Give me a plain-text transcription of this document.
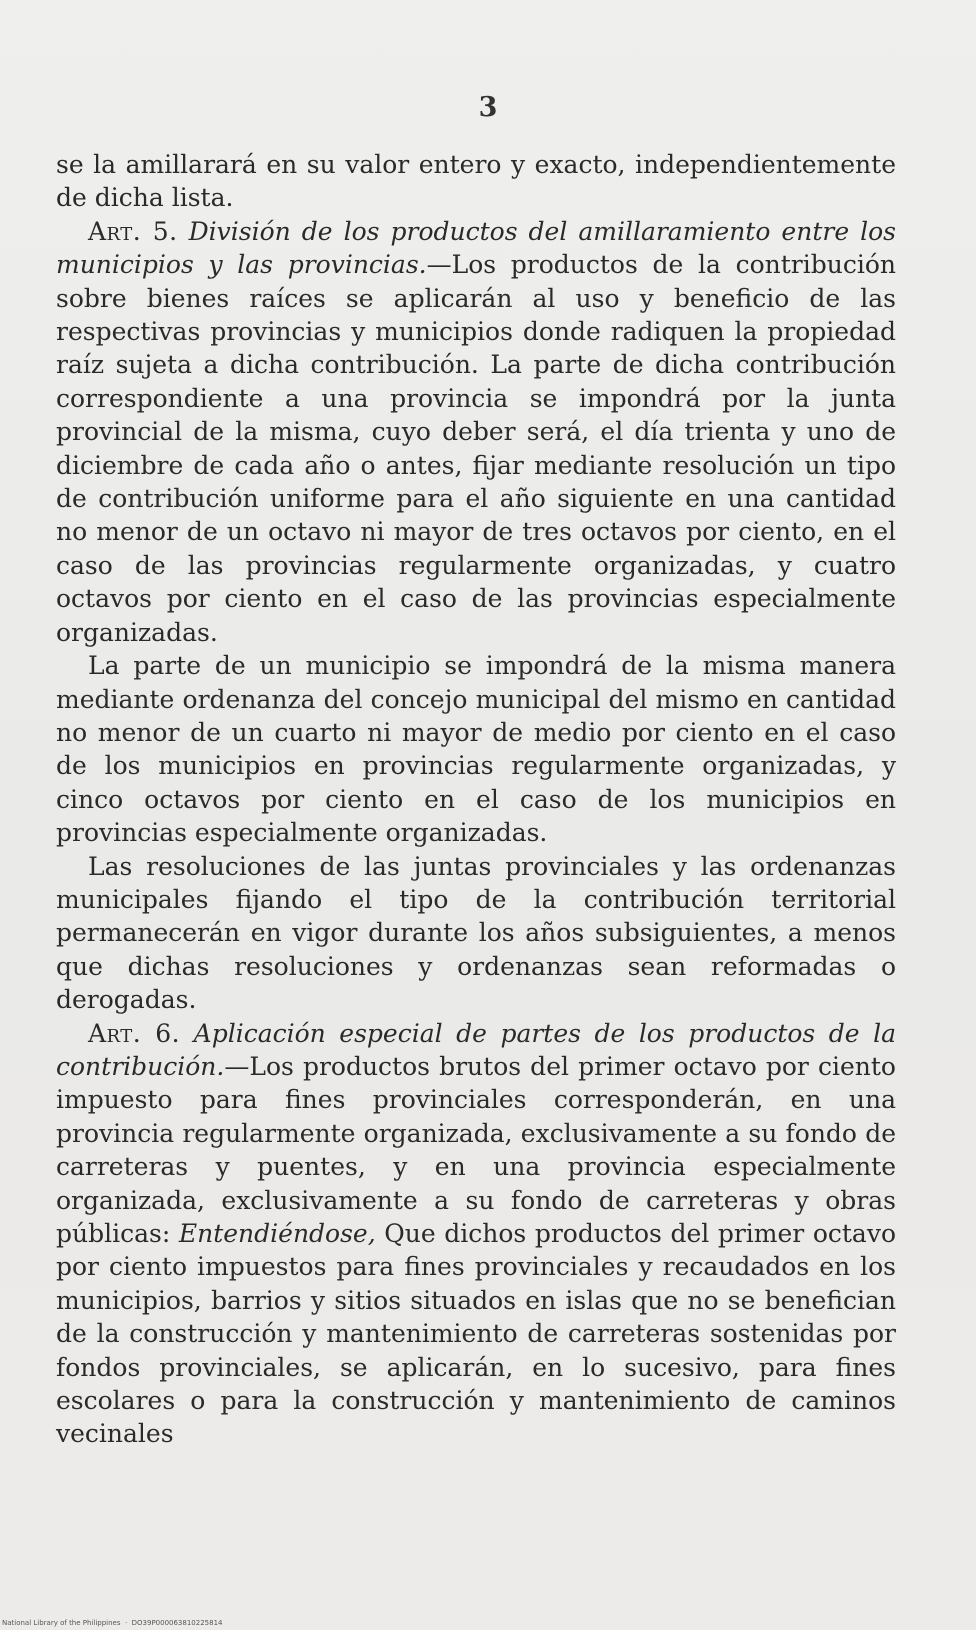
3

se la amillarará en su valor entero y exacto, independientemente de dicha lista.

Art. 5. División de los productos del amillaramiento entre los municipios y las provincias.—Los productos de la contribución sobre bienes raíces se aplicarán al uso y beneficio de las respectivas provincias y municipios donde radiquen la propiedad raíz sujeta a dicha contribución. La parte de dicha contribución correspondiente a una provincia se impondrá por la junta provincial de la misma, cuyo deber será, el día trienta y uno de diciembre de cada año o antes, fijar mediante resolución un tipo de contribución uniforme para el año siguiente en una cantidad no menor de un octavo ni mayor de tres octavos por ciento, en el caso de las provincias regularmente organizadas, y cuatro octavos por ciento en el caso de las provincias especialmente organizadas.

La parte de un municipio se impondrá de la misma manera mediante ordenanza del concejo municipal del mismo en cantidad no menor de un cuarto ni mayor de medio por ciento en el caso de los municipios en provincias regularmente organizadas, y cinco octavos por ciento en el caso de los municipios en provincias especialmente organizadas.

Las resoluciones de las juntas provinciales y las ordenanzas municipales fijando el tipo de la contribución territorial permanecerán en vigor durante los años subsiguientes, a menos que dichas resoluciones y ordenanzas sean reformadas o derogadas.

Art. 6. Aplicación especial de partes de los productos de la contribución.—Los productos brutos del primer octavo por ciento impuesto para fines provinciales corresponderán, en una provincia regularmente organizada, exclusivamente a su fondo de carreteras y puentes, y en una provincia especialmente organizada, exclusivamente a su fondo de carreteras y obras públicas: Entendiéndose, Que dichos productos del primer octavo por ciento impuestos para fines provinciales y recaudados en los municipios, barrios y sitios situados en islas que no se benefician de la construcción y mantenimiento de carreteras sostenidas por fondos provinciales, se aplicarán, en lo sucesivo, para fines escolares o para la construcción y mantenimiento de caminos vecinales

National Library of the Philippines  ·  DO39P000063810225814
